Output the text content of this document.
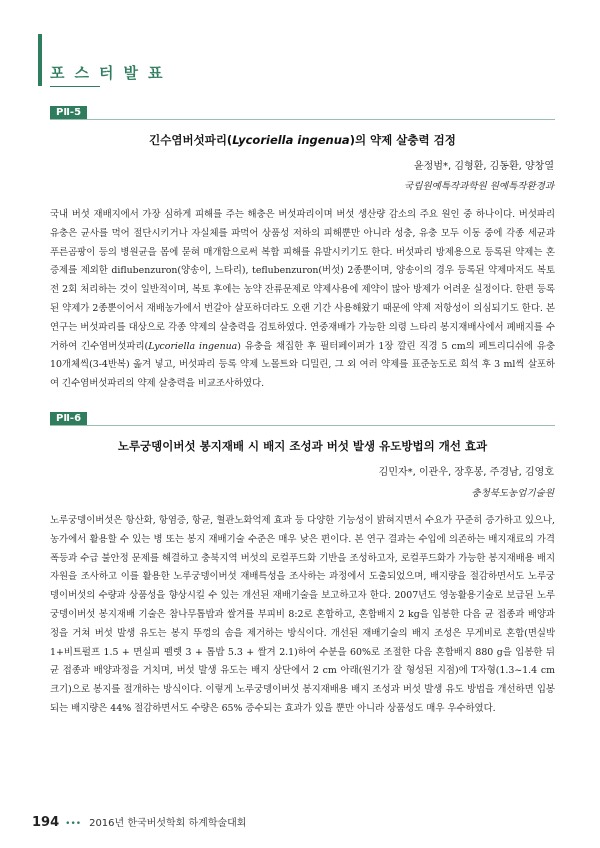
포 스 터 발 표
PⅡ-5
긴수염버섯파리(Lycoriella ingenua)의 약제 살충력 검정
윤정범*, 김형환, 김동환, 양창열
국립원예특작과학원 원예특작환경과

국내 버섯 재배지에서 가장 심하게 피해를 주는 해충은 버섯파리이며 버섯 생산량 감소의 주요 원인 중 하나이다. 버섯파리 유충은 균사를 먹어 절단시키거나 자실체를 파먹어 상품성 저하의 피해뿐만 아니라 성충, 유충 모두 이동 중에 각종 세균과 푸른곰팡이 등의 병원균을 몸에 묻혀 매개함으로써 복합 피해를 유발시키기도 한다. 버섯파리 방제용으로 등록된 약제는 혼증제를 제외한 diflubenzuron(양송이, 느타리), teflubenzuron(버섯) 2종뿐이며, 양송이의 경우 등록된 약제마저도 복토 전 2회 처리하는 것이 일반적이며, 복토 후에는 농약 잔류문제로 약제사용에 제약이 많아 방제가 어려운 실정이다. 한편 등록된 약제가 2종뿐이어서 재배농가에서 번갈아 살포하더라도 오랜 기간 사용해왔기 때문에 약제 저항성이 의심되기도 한다. 본 연구는 버섯파리를 대상으로 각종 약제의 살충력을 검토하였다. 연중재배가 가능한 의령 느타리 봉지재배사에서 폐배지를 수거하여 긴수염버섯파리(Lycoriella ingenua) 유충을 채집한 후 필터페이퍼가 1장 깔린 직경 5 cm의 페트리디쉬에 유충 10개체씩(3-4반복) 옮겨 넣고, 버섯파리 등록 약제 노몰트와 디밀린, 그 외 여러 약제를 표준농도로 희석 후 3 ml씩 살포하여 긴수염버섯파리의 약제 살충력을 비교조사하였다.

PⅡ-6
노루궁뎅이버섯 봉지재배 시 배지 조성과 버섯 발생 유도방법의 개선 효과
김민자*, 이관우, 장후봉, 주경남, 김영호
충청북도농업기술원

노루궁뎅이버섯은 항산화, 항염증, 항균, 혈관노화억제 효과 등 다양한 기능성이 밝혀지면서 수요가 꾸준히 증가하고 있으나, 농가에서 활용할 수 있는 병 또는 봉지 재배기술 수준은 매우 낮은 편이다. 본 연구 결과는 수입에 의존하는 배지재료의 가격 폭등과 수급 불안정 문제를 해결하고 충북지역 버섯의 로컬푸드화 기반을 조성하고자, 로컬푸드화가 가능한 봉지재배용 배지자원을 조사하고 이를 활용한 노루궁뎅이버섯 재배특성을 조사하는 과정에서 도출되었으며, 배지량을 절감하면서도 노루궁뎅이버섯의 수량과 상품성을 향상시킬 수 있는 개선된 재배기술을 보고하고자 한다. 2007년도 영농활용기술로 보급된 노루궁뎅이버섯 봉지재배 기술은 참나무톱밥과 쌀겨를 부피비 8:2로 혼합하고, 혼합배지 2 kg을 입봉한 다음 균 접종과 배양과정을 거쳐 버섯 발생 유도는 봉지 뚜껑의 솜을 제거하는 방식이다. 개선된 재배기술의 배지 조성은 무게비로 혼합(면실박 1+비트펄프 1.5 + 면실피 펠렛 3 + 톱밥 5.3 + 쌀겨 2.1)하여 수분을 60%로 조절한 다음 혼합배지 880 g을 입봉한 뒤 균 접종과 배양과정을 거치며, 버섯 발생 유도는 배지 상단에서 2 cm 아래(원기가 잘 형성된 지점)에 T자형(1.3~1.4 cm 크기)으로 봉지를 절개하는 방식이다. 이렇게 노루궁뎅이버섯 봉지재배용 배지 조성과 버섯 발생 유도 방법을 개선하면 입봉되는 배지량은 44% 절감하면서도 수량은 65% 증수되는 효과가 있을 뿐만 아니라 상품성도 매우 우수하였다.

194 ••• 2016년 한국버섯학회 하계학술대회
